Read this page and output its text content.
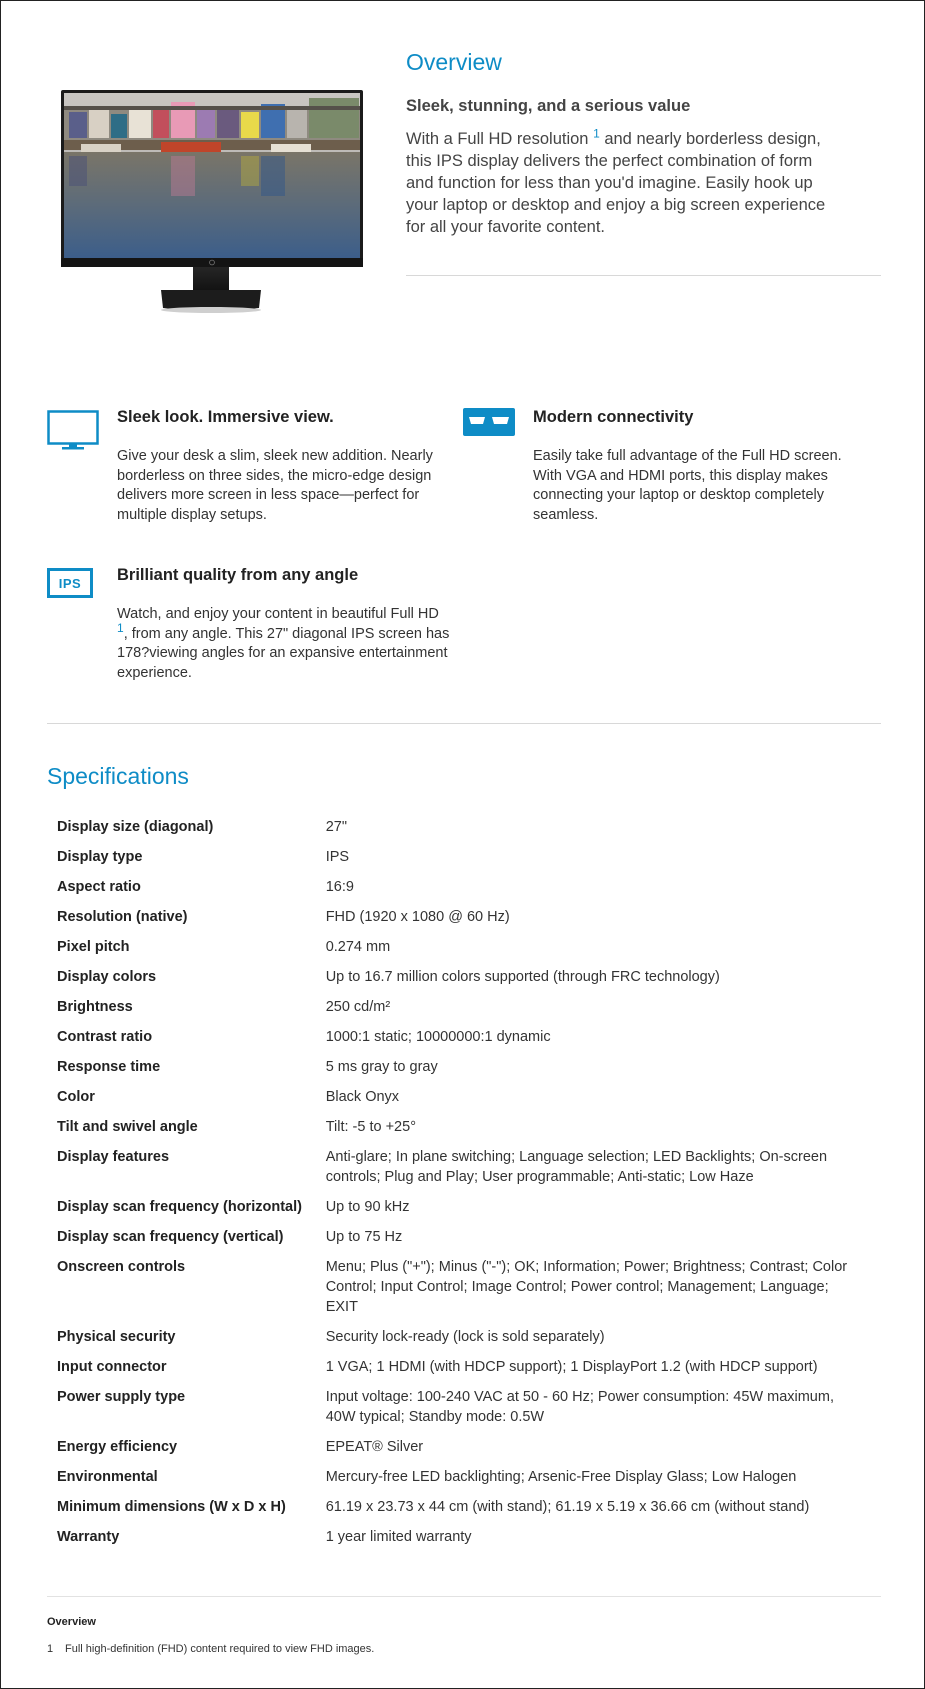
Overview

Sleek, stunning, and a serious value

With a Full HD resolution $^1$ and nearly borderless design, this IPS display delivers the perfect combination of form and function for less than you'd imagine. Easily hook up your laptop or desktop and enjoy a big screen experience for all your favorite content.

Sleek look. Immersive view.

Give your desk a slim, sleek new addition. Nearly borderless on three sides, the micro-edge design delivers more screen in less space—perfect for multiple display setups.

Modern connectivity

Easily take full advantage of the Full HD screen. With VGA and HDMI ports, this display makes connecting your laptop or desktop completely seamless.

IPS Brilliant quality from any angle

Watch, and enjoy your content in beautiful Full HD $^1$, from any angle. This 27" diagonal IPS screen has 178?viewing angles for an expansive entertainment experience.

Specifications
Display size (diagonal)	27"
Display type	IPS
Aspect ratio	16:9
Resolution (native)	FHD (1920 x 1080 @ 60 Hz)
Pixel pitch	0.274 mm
Display colors	Up to 16.7 million colors supported (through FRC technology)
Brightness	250 cd/m²
Contrast ratio	1000:1 static; 10000000:1 dynamic
Response time	5 ms gray to gray
Color	Black Onyx
Tilt and swivel angle	Tilt: -5 to +25°
Display features	Anti-glare; In plane switching; Language selection; LED Backlights; On-screen controls; Plug and Play; User programmable; Anti-static; Low Haze
Display scan frequency (horizontal)	Up to 90 kHz
Display scan frequency (vertical)	Up to 75 Hz
Onscreen controls	Menu; Plus ("+"); Minus ("-"); OK; Information; Power; Brightness; Contrast; Color Control; Input Control; Image Control; Power control; Management; Language; EXIT
Physical security	Security lock-ready (lock is sold separately)
Input connector	1 VGA; 1 HDMI (with HDCP support); 1 DisplayPort 1.2 (with HDCP support)
Power supply type	Input voltage: 100-240 VAC at 50 - 60 Hz; Power consumption: 45W maximum, 40W typical; Standby mode: 0.5W
Energy efficiency	EPEAT® Silver
Environmental	Mercury-free LED backlighting; Arsenic-Free Display Glass; Low Halogen
Minimum dimensions (W x D x H)	61.19 x 23.73 x 44 cm (with stand); 61.19 x 5.19 x 36.66 cm (without stand)
Warranty	1 year limited warranty
Overview
1 Full high-definition (FHD) content required to view FHD images.
